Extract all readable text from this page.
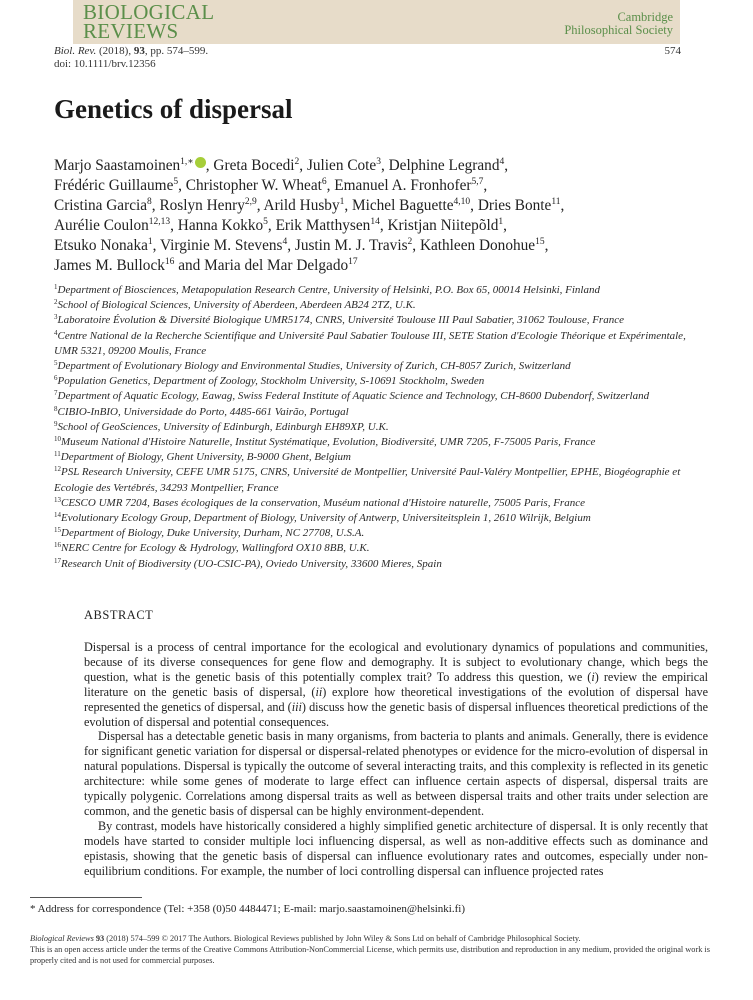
BIOLOGICAL
REVIEWS
Cambridge
Philosophical Society
Biol. Rev. (2018), 93, pp. 574–599.
doi: 10.1111/brv.12356
574
Genetics of dispersal
Marjo Saastamoinen$^{1,∗}$ , Greta Bocedi$^2$, Julien Cote$^3$, Delphine Legrand$^4$,
Frédéric Guillaume$^5$, Christopher W. Wheat$^6$, Emanuel A. Fronhofer$^{5,7}$,
Cristina Garcia$^8$, Roslyn Henry$^{2,9}$, Arild Husby$^1$, Michel Baguette$^{4,10}$, Dries Bonte$^{11}$,
Aurélie Coulon$^{12,13}$, Hanna Kokko$^5$, Erik Matthysen$^{14}$, Kristjan Niitepõld$^1$,
Etsuko Nonaka$^1$, Virginie M. Stevens$^4$, Justin M. J. Travis$^2$, Kathleen Donohue$^{15}$,
James M. Bullock$^{16}$ and Maria del Mar Delgado$^{17}$
$^1$Department of Biosciences, Metapopulation Research Centre, University of Helsinki, P.O. Box 65, 00014 Helsinki, Finland
$^2$School of Biological Sciences, University of Aberdeen, Aberdeen AB24 2TZ, U.K.
$^3$Laboratoire Évolution & Diversité Biologique UMR5174, CNRS, Université Toulouse III Paul Sabatier, 31062 Toulouse, France
$^4$Centre National de la Recherche Scientifique and Université Paul Sabatier Toulouse III, SETE Station d'Ecologie Théorique et Expérimentale, UMR 5321, 09200 Moulis, France
$^5$Department of Evolutionary Biology and Environmental Studies, University of Zurich, CH-8057 Zurich, Switzerland
$^6$Population Genetics, Department of Zoology, Stockholm University, S-10691 Stockholm, Sweden
$^7$Department of Aquatic Ecology, Eawag, Swiss Federal Institute of Aquatic Science and Technology, CH-8600 Dubendorf, Switzerland
$^8$CIBIO-InBIO, Universidade do Porto, 4485-661 Vairão, Portugal
$^9$School of GeoSciences, University of Edinburgh, Edinburgh EH89XP, U.K.
$^{10}$Museum National d'Histoire Naturelle, Institut Systématique, Evolution, Biodiversité, UMR 7205, F-75005 Paris, France
$^{11}$Department of Biology, Ghent University, B-9000 Ghent, Belgium
$^{12}$PSL Research University, CEFE UMR 5175, CNRS, Université de Montpellier, Université Paul-Valéry Montpellier, EPHE, Biogéographie et Ecologie des Vertébrés, 34293 Montpellier, France
$^{13}$CESCO UMR 7204, Bases écologiques de la conservation, Muséum national d'Histoire naturelle, 75005 Paris, France
$^{14}$Evolutionary Ecology Group, Department of Biology, University of Antwerp, Universiteitsplein 1, 2610 Wilrijk, Belgium
$^{15}$Department of Biology, Duke University, Durham, NC 27708, U.S.A.
$^{16}$NERC Centre for Ecology & Hydrology, Wallingford OX10 8BB, U.K.
$^{17}$Research Unit of Biodiversity (UO-CSIC-PA), Oviedo University, 33600 Mieres, Spain
ABSTRACT

Dispersal is a process of central importance for the ecological and evolutionary dynamics of populations and communities, because of its diverse consequences for gene flow and demography. It is subject to evolutionary change, which begs the question, what is the genetic basis of this potentially complex trait? To address this question, we (i) review the empirical literature on the genetic basis of dispersal, (ii) explore how theoretical investigations of the evolution of dispersal have represented the genetics of dispersal, and (iii) discuss how the genetic basis of dispersal influences theoretical predictions of the evolution of dispersal and potential consequences.

Dispersal has a detectable genetic basis in many organisms, from bacteria to plants and animals. Generally, there is evidence for significant genetic variation for dispersal or dispersal-related phenotypes or evidence for the micro-evolution of dispersal in natural populations. Dispersal is typically the outcome of several interacting traits, and this complexity is reflected in its genetic architecture: while some genes of moderate to large effect can influence certain aspects of dispersal, dispersal traits are typically polygenic. Correlations among dispersal traits as well as between dispersal traits and other traits under selection are common, and the genetic basis of dispersal can be highly environment-dependent.

By contrast, models have historically considered a highly simplified genetic architecture of dispersal. It is only recently that models have started to consider multiple loci influencing dispersal, as well as non-additive effects such as dominance and epistasis, showing that the genetic basis of dispersal can influence evolutionary rates and outcomes, especially under non-equilibrium conditions. For example, the number of loci controlling dispersal can influence projected rates

* Address for correspondence (Tel: +358 (0)50 4484471; E-mail: marjo.saastamoinen@helsinki.fi)
Biological Reviews 93 (2018) 574–599 © 2017 The Authors. Biological Reviews published by John Wiley & Sons Ltd on behalf of Cambridge Philosophical Society.
This is an open access article under the terms of the Creative Commons Attribution-NonCommercial License, which permits use, distribution and reproduction in any medium, provided the original work is properly cited and is not used for commercial purposes.
